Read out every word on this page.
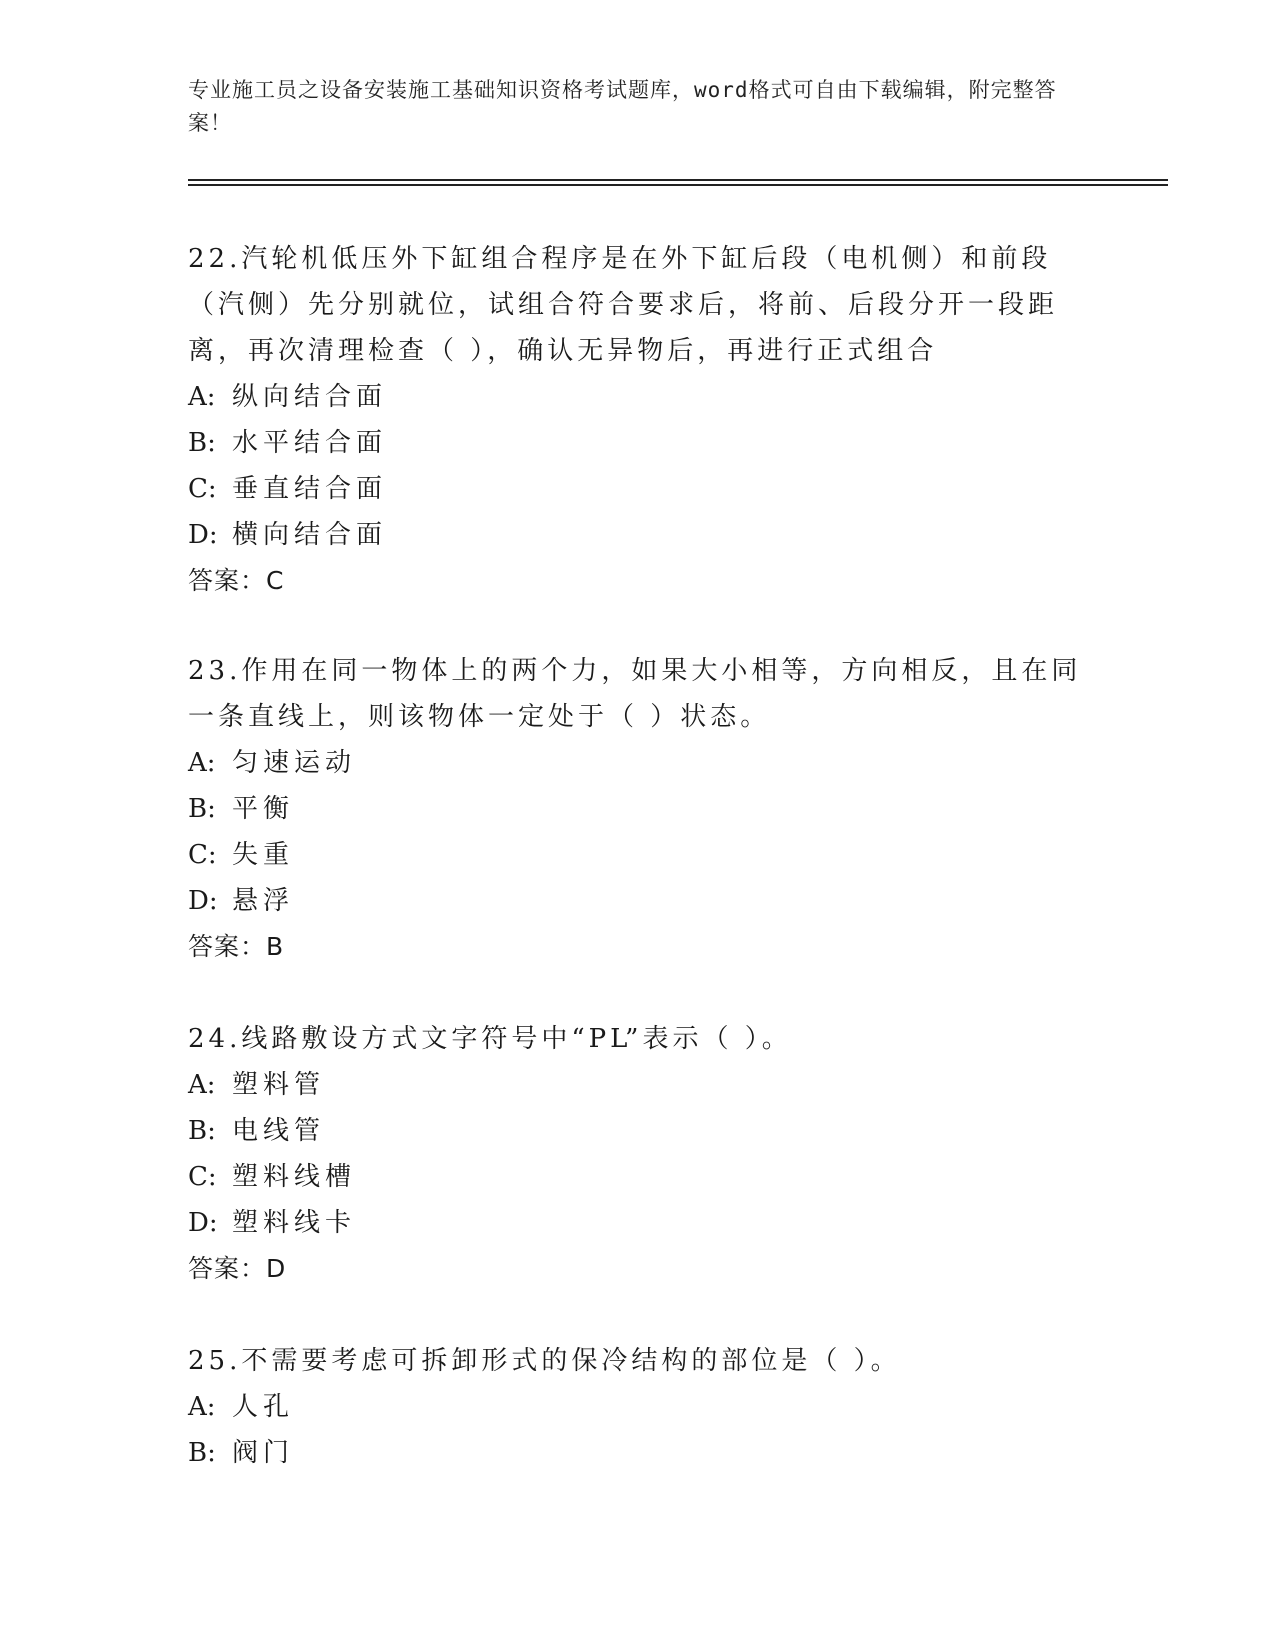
专业施工员之设备安装施工基础知识资格考试题库，word格式可自由下载编辑，附完整答案！
22.汽轮机低压外下缸组合程序是在外下缸后段（电机侧）和前段（汽侧）先分别就位，试组合符合要求后，将前、后段分开一段距离，再次清理检查（ ），确认无异物后，再进行正式组合
A: 纵向结合面
B: 水平结合面
C: 垂直结合面
D: 横向结合面
答案：C
23.作用在同一物体上的两个力，如果大小相等，方向相反，且在同一条直线上，则该物体一定处于（ ）状态。
A: 匀速运动
B: 平衡
C: 失重
D: 悬浮
答案：B
24.线路敷设方式文字符号中“PL”表示（ ）。
A: 塑料管
B: 电线管
C: 塑料线槽
D: 塑料线卡
答案：D
25.不需要考虑可拆卸形式的保冷结构的部位是（ ）。
A: 人孔
B: 阀门
